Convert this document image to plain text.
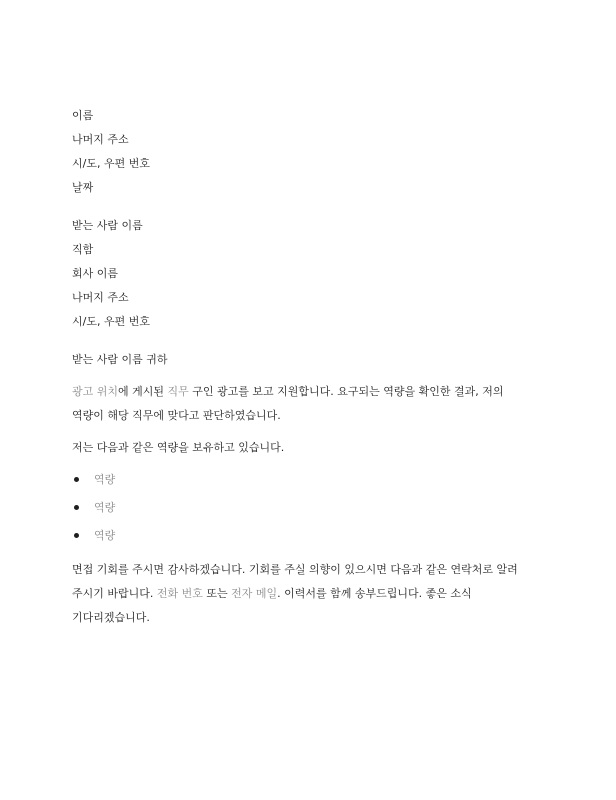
이름
나머지 주소
시/도, 우편 번호
날짜
받는 사람 이름
직함
회사 이름
나머지 주소
시/도, 우편 번호
받는 사람 이름 귀하

광고 위치에 게시된 직무 구인 광고를 보고 지원합니다. 요구되는 역량을 확인한 결과, 저의
역량이 해당 직무에 맞다고 판단하였습니다.

저는 다음과 같은 역량을 보유하고 있습니다.
역량
역량
역량

면접 기회를 주시면 감사하겠습니다. 기회를 주실 의향이 있으시면 다음과 같은 연락처로 알려
주시기 바랍니다. 전화 번호 또는 전자 메일. 이력서를 함께 송부드립니다. 좋은 소식
기다리겠습니다.
